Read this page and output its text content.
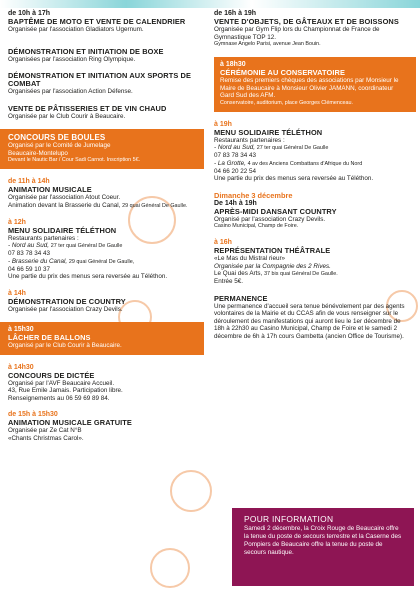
de 10h à 17h
BAPTÊME DE MOTO ET VENTE DE CALENDRIER
Organisée par l'association Gladiators Ugernum.
DÉMONSTRATION ET INITIATION DE BOXE
Organisées par l'association Ring Olympique.
DÉMONSTRATION ET INITIATION AUX SPORTS DE COMBAT
Organisées par l'association Action Défense.
VENTE DE PÂTISSERIES ET DE VIN CHAUD
Organisée par le Club Courir à Beaucaire.
CONCOURS DE BOULES
Organisé par le Comité de Jumelage
Beaucaire-Montelupo
Devant le Nautic Bar / Cour Sadi Carnot. Inscription 5€.
de 11h à 14h
ANIMATION MUSICALE
Organisée par l'association Atout Coeur.
Animation devant la Brasserie du Canal, 29 quai Général De Gaulle.
à 12h
MENU SOLIDAIRE TÉLÉTHON
Restaurants partenaires :
- Nord au Sud, 27 ter quai Général De Gaulle
07 83 78 34 43
- Brasserie du Canal, 29 quai Général De Gaulle,
04 66 59 10 37
Une partie du prix des menus sera reversée au Téléthon.
à 14h
DÉMONSTRATION DE COUNTRY
Organisée par l'association Crazy Devils.
à 15h30
LÂCHER DE BALLONS
Organisé par le Club Courir à Beaucaire.
à 14h30
CONCOURS DE DICTÉE
Organisé par l'AVF Beaucaire Accueil.
43, Rue Emile Jamais. Participation libre.
Renseignements au 06 59 69 89 84.
de 15h à 15h30
ANIMATION MUSICALE GRATUITE
Organisée par Ze Cat N°B
«Chants Christmas Carol».
de 16h à 19h
VENTE D'OBJETS, DE GÂTEAUX ET DE BOISSONS
Organisée par Gym Flip lors du Championnat de France de Gymnastique TOP 12.
Gymnase Angelo Parisi, avenue Jean Bouin.
à 18h30
CÉRÉMONIE AU CONSERVATOIRE
Remise des premiers chèques des associations par Monsieur le Maire de Beaucaire à Monsieur Olivier JAMANN, coordinateur Gard Sud des AFM.
Conservatoire, auditorium, place Georges Clémenceau.
à 19h
MENU SOLIDAIRE TÉLÉTHON
Restaurants partenaires :
- Nord au Sud, 27 ter quai Général De Gaulle
07 83 78 34 43
- La Grotte, 4 av des Anciens Combattans d'Afrique du Nord
04 66 20 22 54
Une partie du prix des menus sera reversée au Téléthon.
Dimanche 3 décembre
De 14h à 19h
APRÈS-MIDI DANSANT COUNTRY
Organisé par l'association Crazy Devils.
Casino Municipal, Champ de Foire.
à 16h
REPRÉSENTATION THÉÂTRALE
«Le Mas du Mistral rieur»
Organisée par la Compagnie des 2 Rives.
Le Quai des Arts, 37 bis quai Général De Gaulle.
Entrée 5€.
PERMANENCE
Une permanence d'accueil sera tenue bénévolement par des agents volontaires de la Mairie et du CCAS afin de vous renseigner sur le déroulement des manifestations qui auront lieu le 1er décembre de 18h à 22h30 au Casino Municipal, Champ de Foire et le samedi 2 décembre de 6h à 17h cours Gambetta (ancien Office de Tourisme).
POUR INFORMATION
Samedi 2 décembre, la Croix Rouge de Beaucaire offre la tenue du poste de secours terrestre et la Caserne des Pompiers de Beaucaire offre la tenue du poste de secours nautique.
